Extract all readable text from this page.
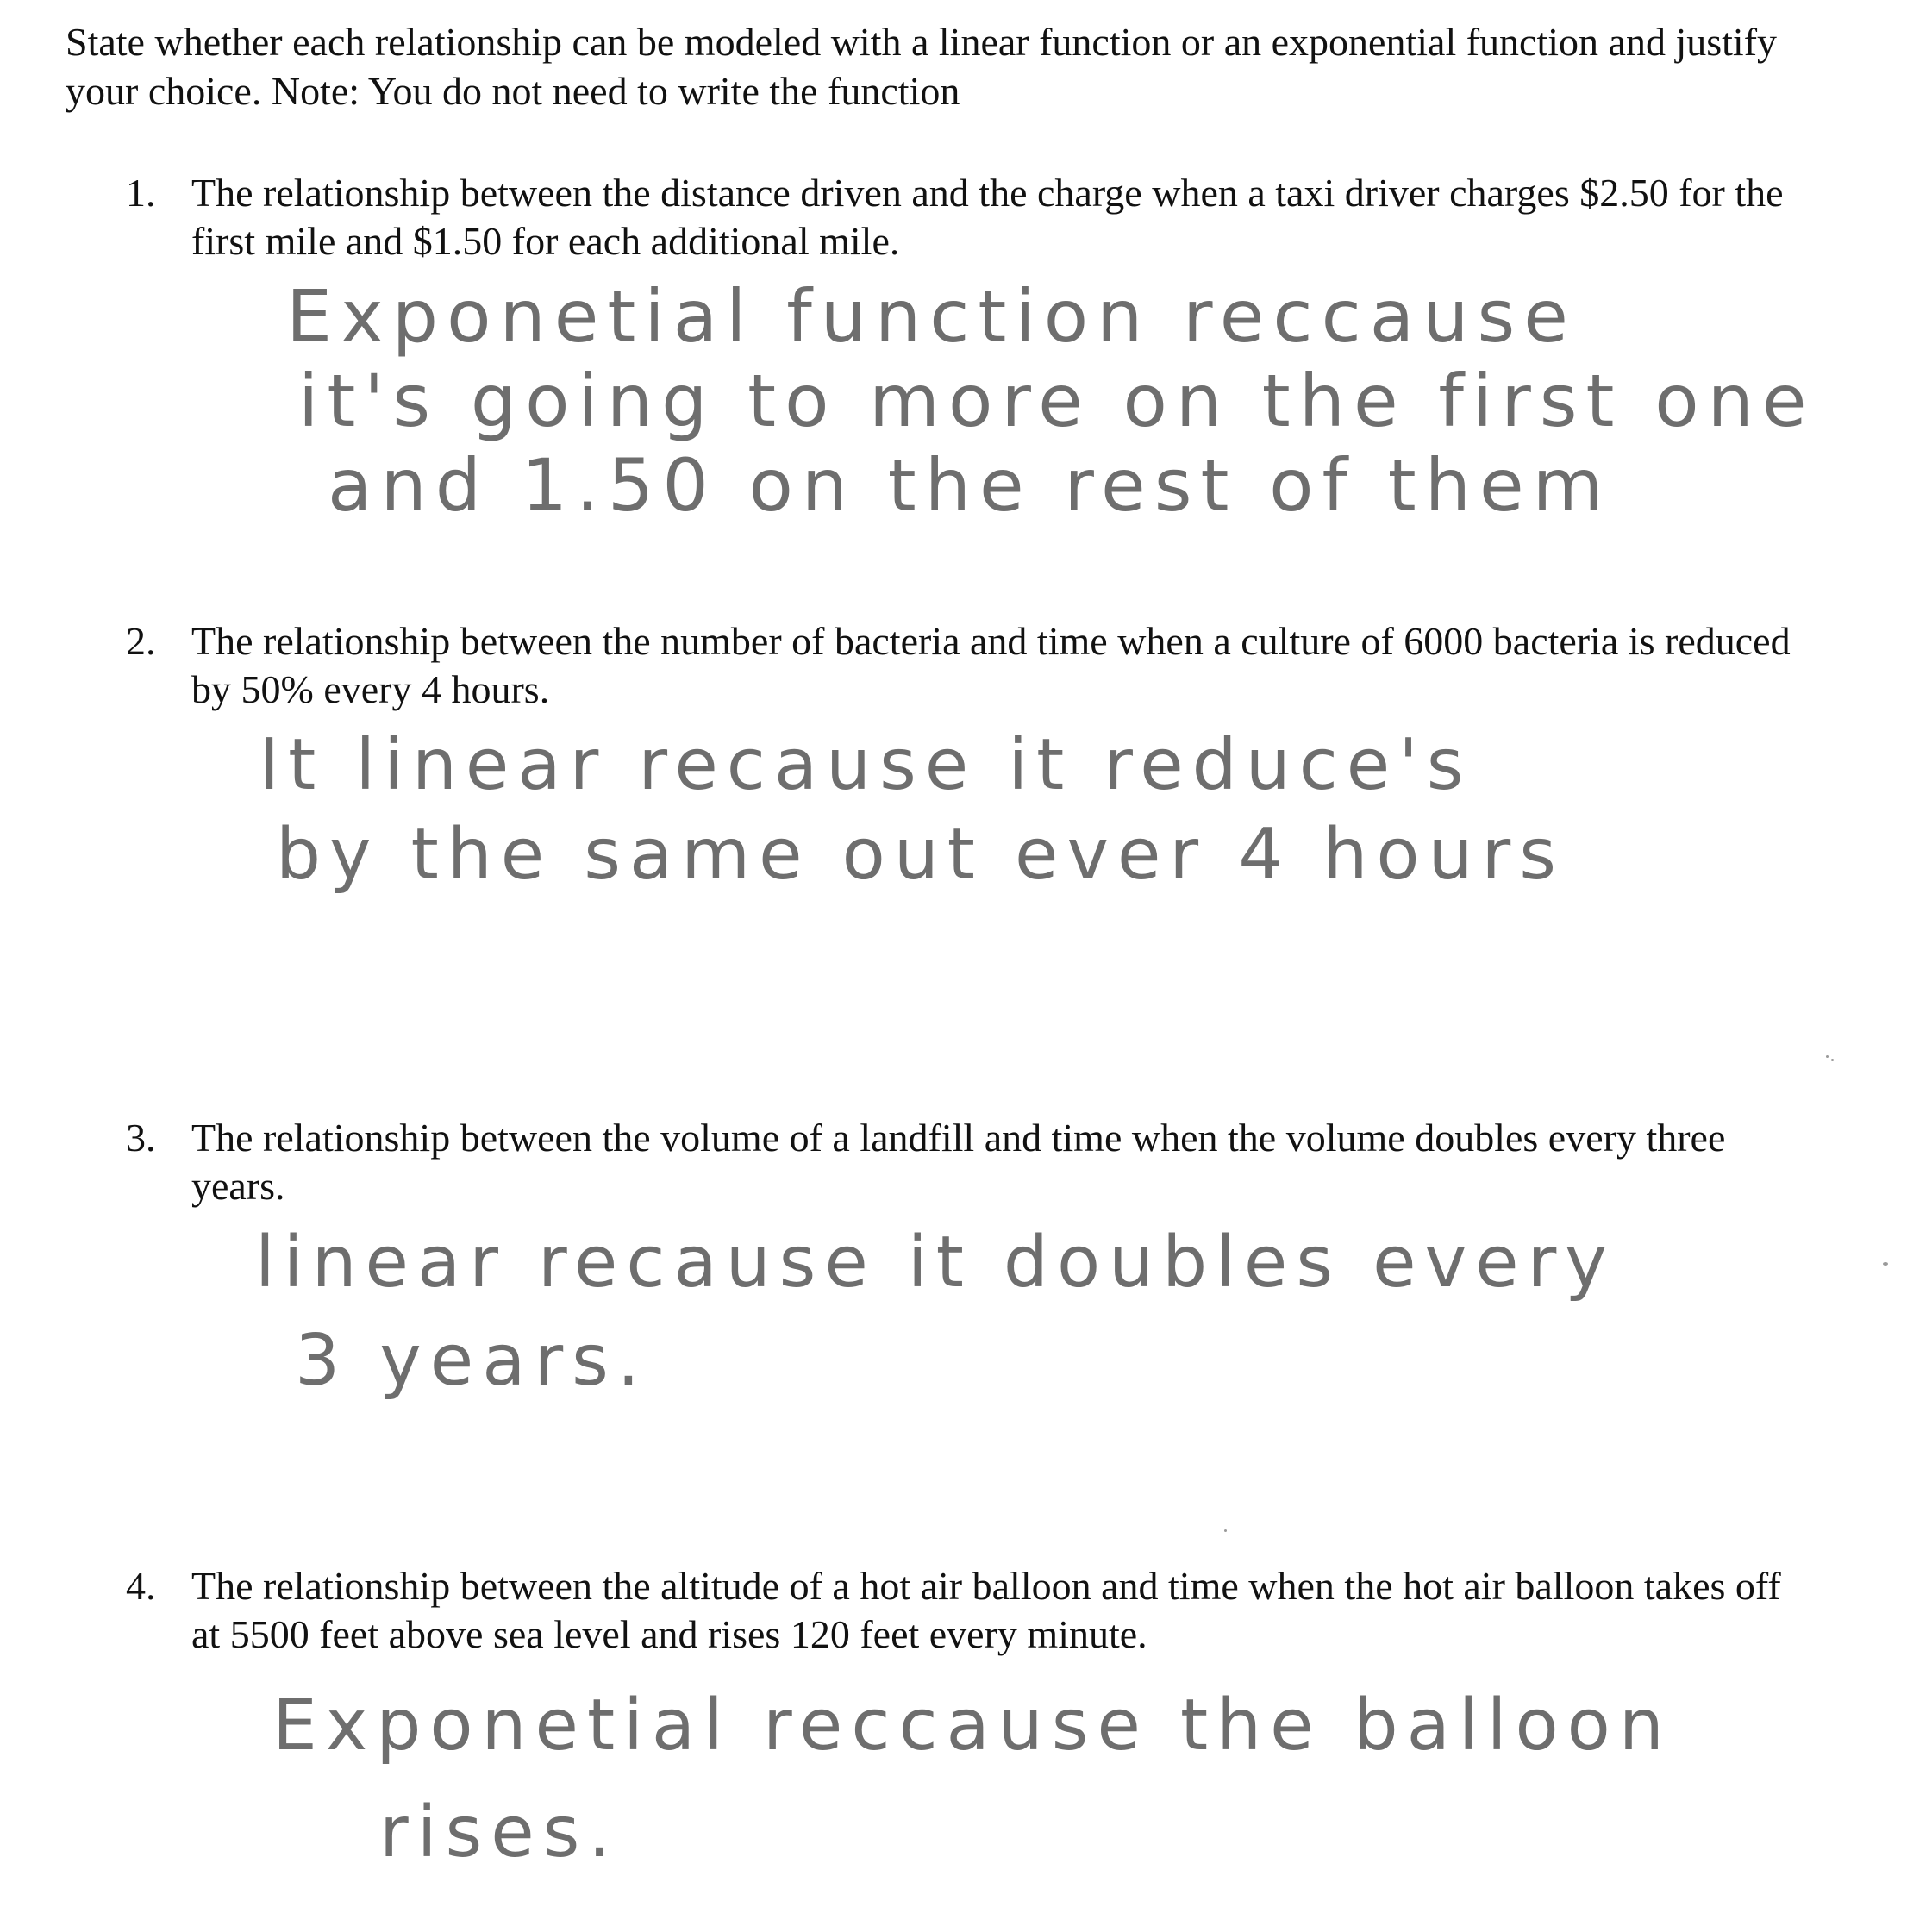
State whether each relationship can be modeled with a linear function or an exponential function and justify your choice. Note: You do not need to write the function

1. The relationship between the distance driven and the charge when a taxi driver charges $2.50 for the first mile and $1.50 for each additional mile.
Exponetial function reccause
it's going to more on the first one
and 1.50 on the rest of them
2. The relationship between the number of bacteria and time when a culture of 6000 bacteria is reduced by 50% every 4 hours.
It linear recause it reduce's
by the same out ever 4 hours
3. The relationship between the volume of a landfill and time when the volume doubles every three years.
linear recause it doubles every
3 years.
4. The relationship between the altitude of a hot air balloon and time when the hot air balloon takes off at 5500 feet above sea level and rises 120 feet every minute.
Exponetial reccause the balloon
rises.
